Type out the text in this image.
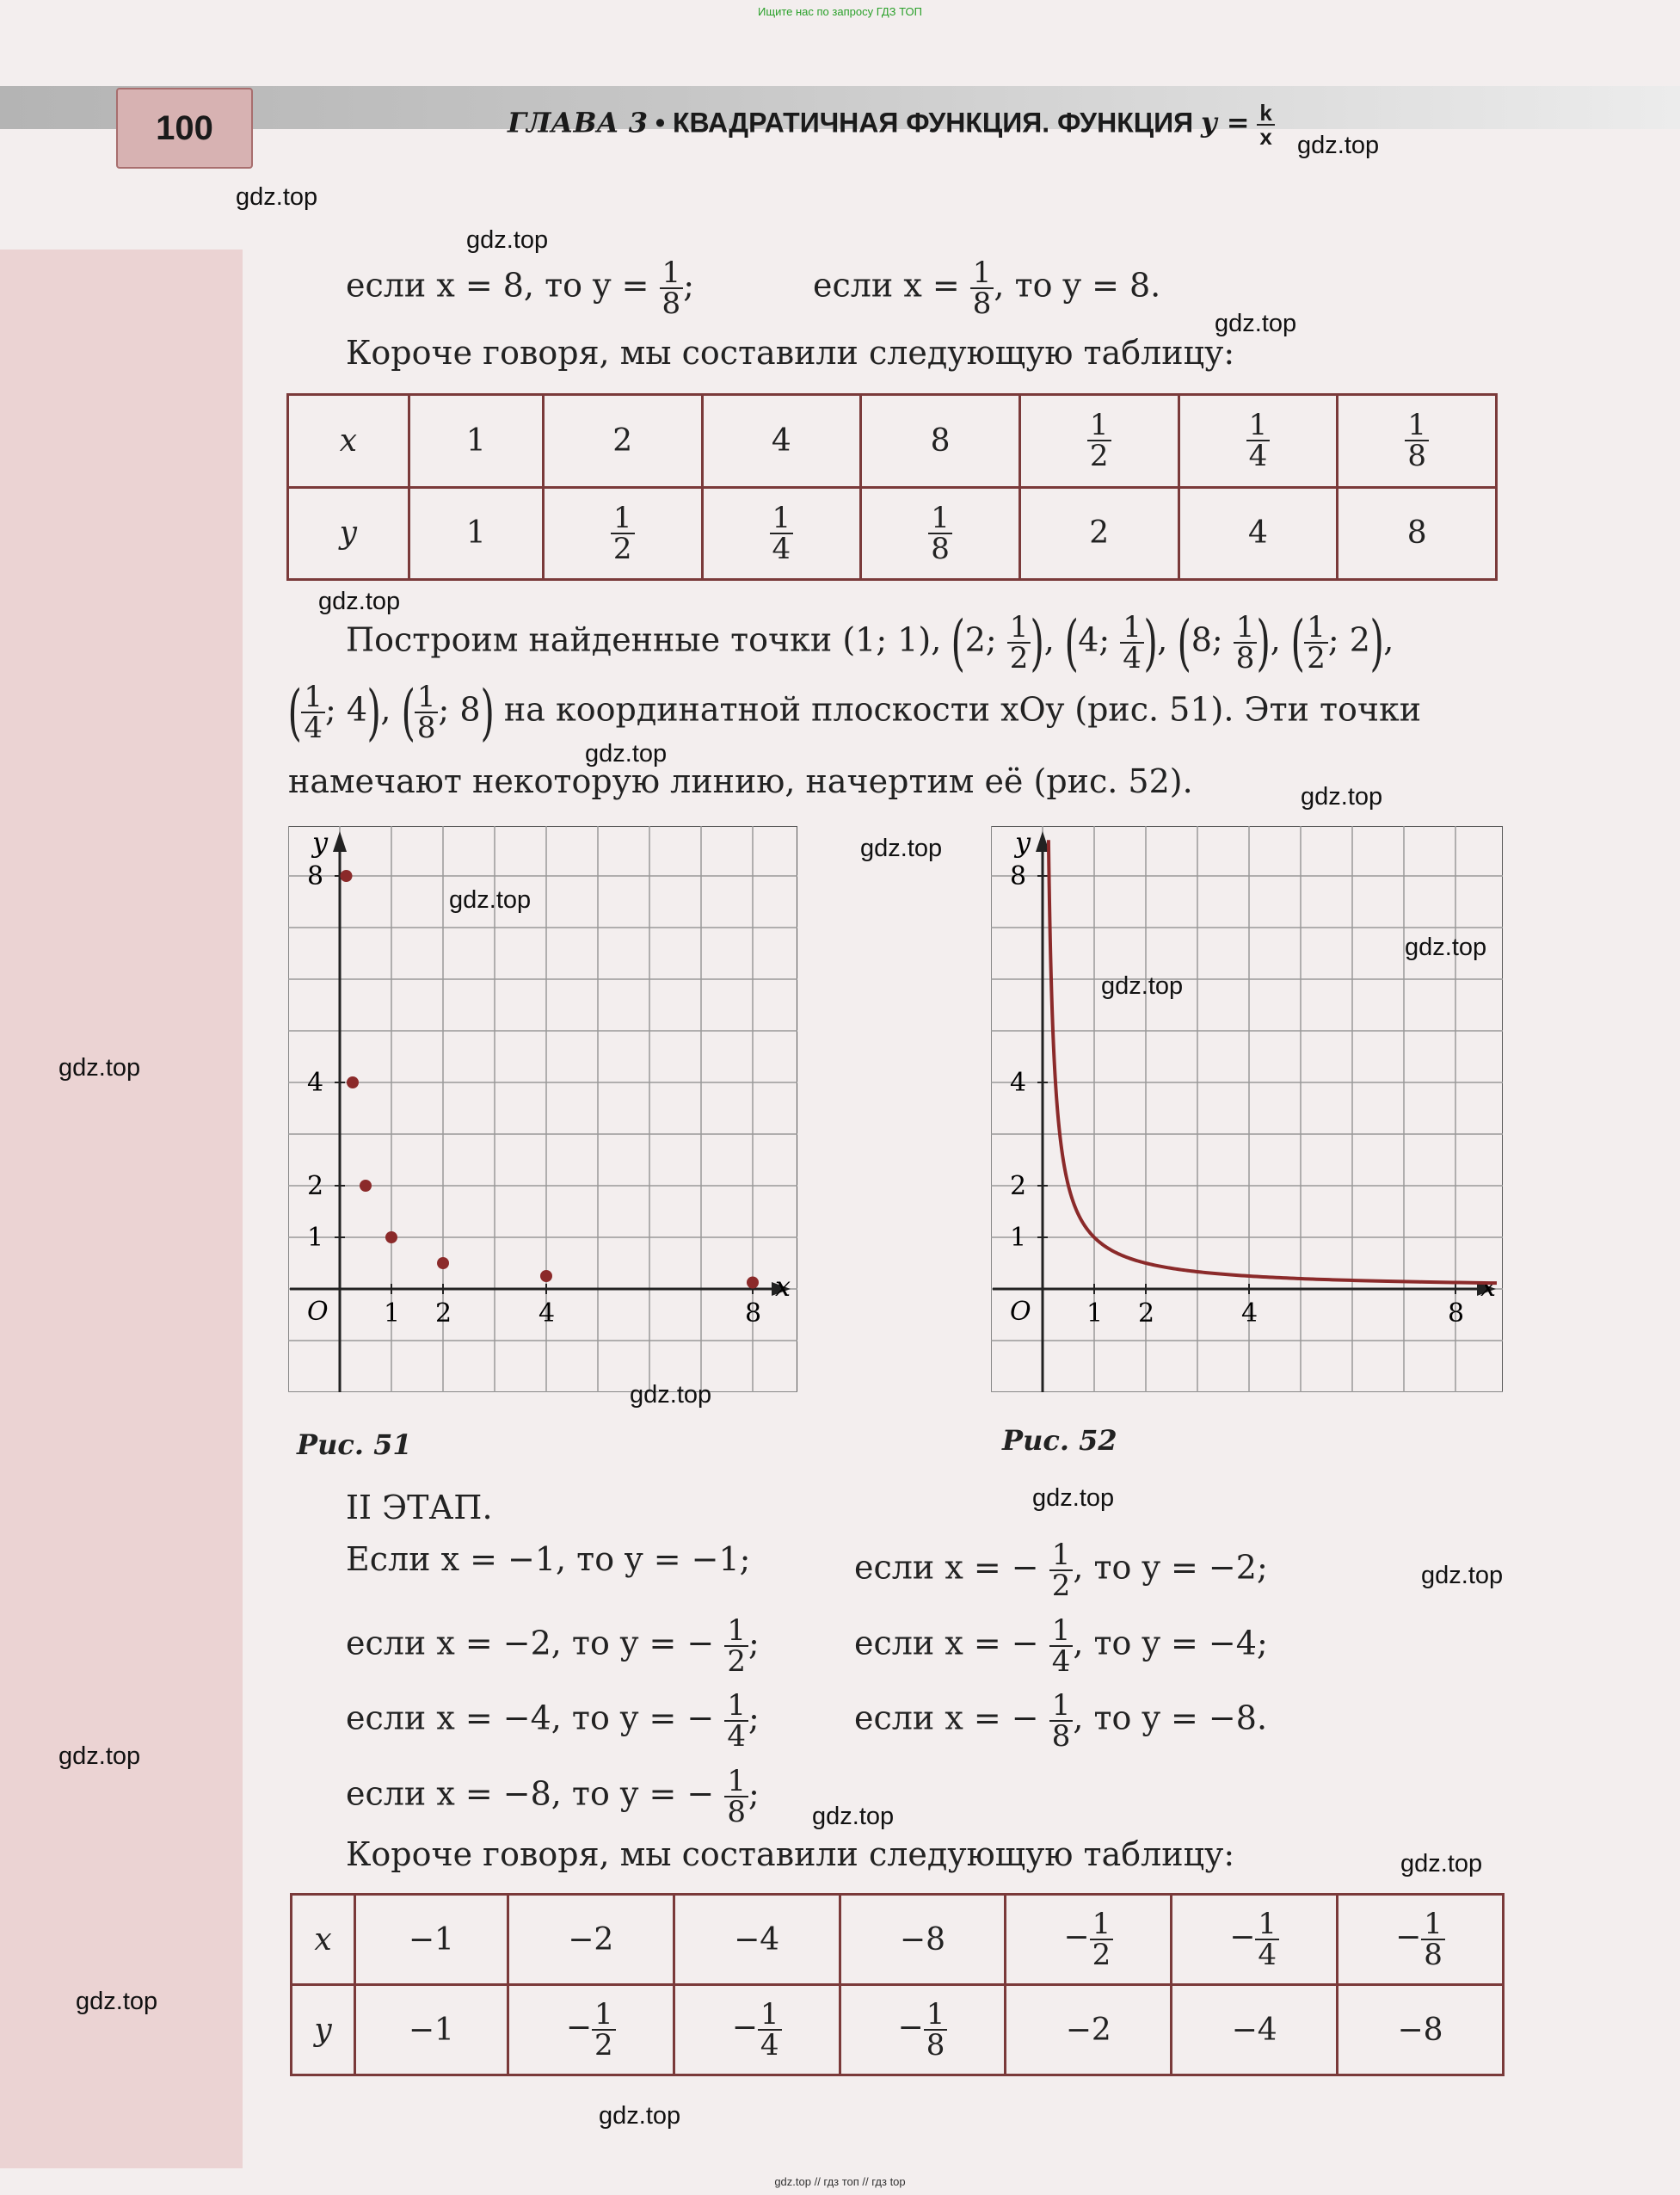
Ищите нас по запросу ГДЗ ТОП
100	ГЛАВА 3 • КВАДРАТИЧНАЯ ФУНКЦИЯ. ФУНКЦИЯ $y = \frac{k}{x}$
если x = 8, то $y = \frac{1}{8}$ ;	если $x = \frac{1}{8}$ , то y = 8.
Короче говоря, мы составили следующую таблицу:
x	1	2	4	8	$\frac{1}{2}$	$\frac{1}{4}$	$\frac{1}{8}$

y	1	$\frac{1}{2}$	$\frac{1}{4}$	$\frac{1}{8}$	2	4	8
Построим найденные точки (1; 1), (2; $\frac{1}{2}$ ), (4; $\frac{1}{4}$ ), (8; $\frac{1}{8}$ ), ( $\frac{1}{2}$ ; 2),
( $\frac{1}{4}$ ; 4), ( $\frac{1}{8}$ ; 8) на координатной плоскости xOy (рис. 51). Эти точки
намечают некоторую линию, начертим её (рис. 52).
x
y
O 1 2	4	8
1
2
4
8
x
y
O 1 2	4	8
1
2
4
8
Рис. 51	Рис. 52
II ЭТАП.
Если x = −1, то y = −1;	если x = − $\frac{1}{2}$ , то y = −2;
если x = −2, то y = − $\frac{1}{2}$ ;	если x = − $\frac{1}{4}$ , то y = −4;
если x = −4, то y = − $\frac{1}{4}$ ;	если x = − $\frac{1}{8}$ , то y = −8.
если x = −8, то y = − $\frac{1}{8}$ ;
Короче говоря, мы составили следующую таблицу:
x	−1	−2	−4	−8	− $\frac{1}{2}$	− $\frac{1}{4}$	− $\frac{1}{8}$

y	−1	− $\frac{1}{2}$	− $\frac{1}{4}$	− $\frac{1}{8}$	−2	−4	−8
gdz.top
gdz.top
gdz.top
gdz.top
gdz.top
gdz.top
gdz.top
gdz.top
gdz.top
gdz.top
gdz.top
gdz.top
gdz.top
gdz.top
gdz.top
gdz.top
gdz.top
gdz.top
gdz.top
gdz.top
gdz.top // гдз топ // гдз top
